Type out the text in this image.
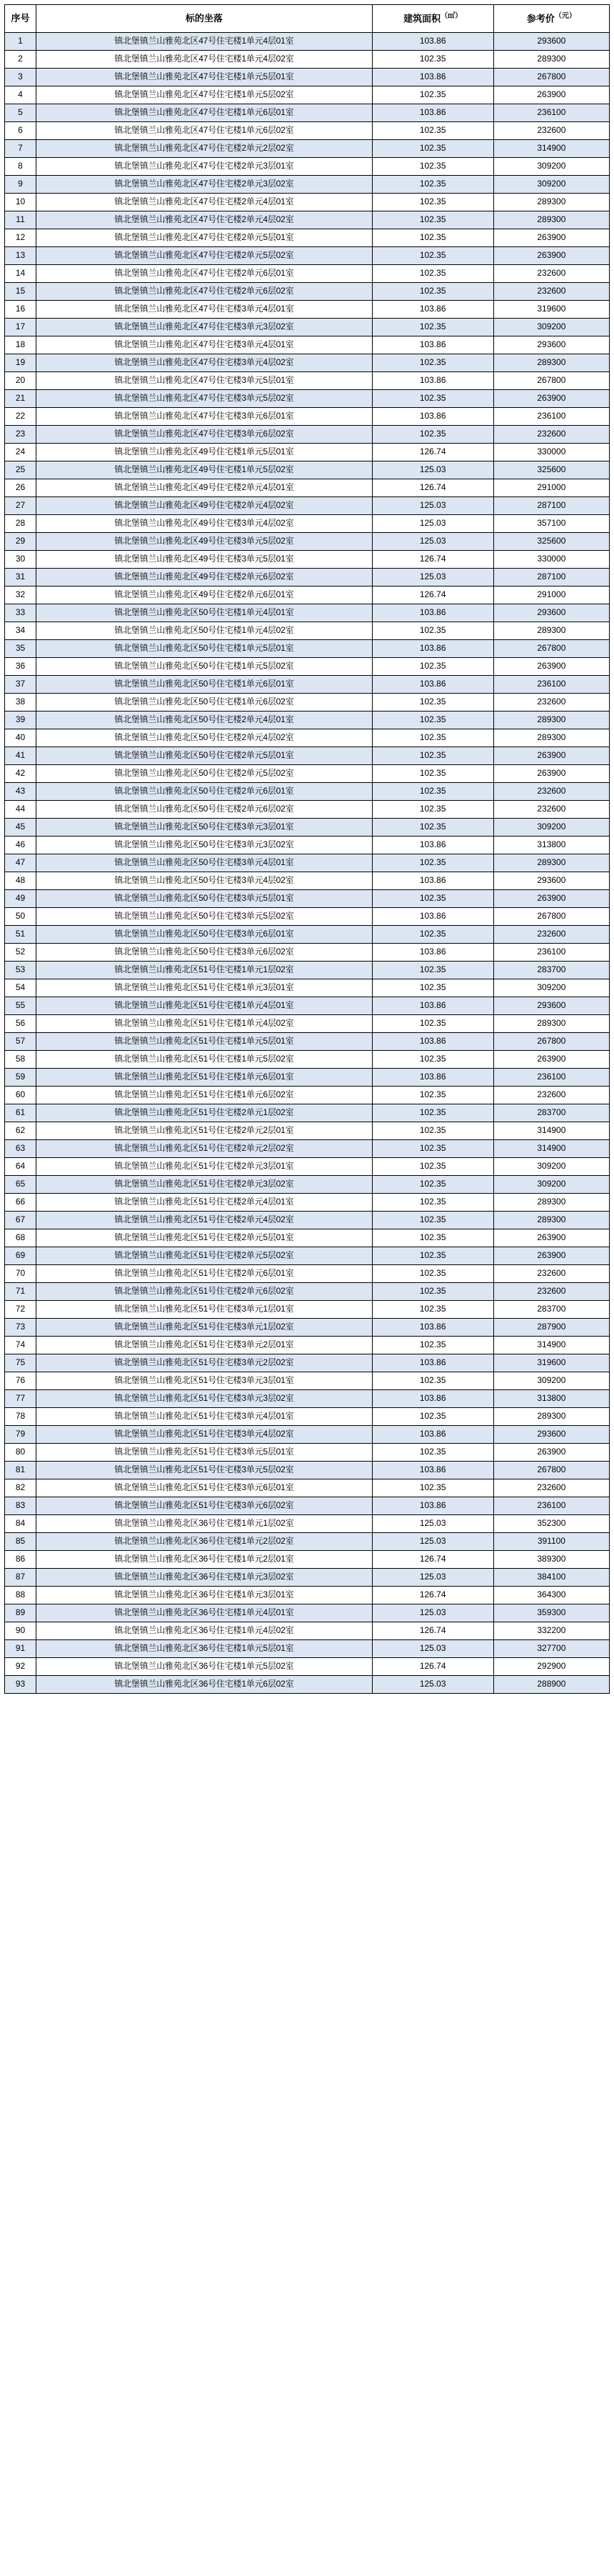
序号	标的坐落	建筑面积（㎡）	参考价$^{(元)}$
1	镇北堡镇兰山雅苑北区47号住宅楼1单元4层01室	103.86	293600
2	镇北堡镇兰山雅苑北区47号住宅楼1单元4层02室	102.35	289300
3	镇北堡镇兰山雅苑北区47号住宅楼1单元5层01室	103.86	267800
4	镇北堡镇兰山雅苑北区47号住宅楼1单元5层02室	102.35	263900
5	镇北堡镇兰山雅苑北区47号住宅楼1单元6层01室	103.86	236100
6	镇北堡镇兰山雅苑北区47号住宅楼1单元6层02室	102.35	232600
7	镇北堡镇兰山雅苑北区47号住宅楼2单元2层02室	102.35	314900
8	镇北堡镇兰山雅苑北区47号住宅楼2单元3层01室	102.35	309200
9	镇北堡镇兰山雅苑北区47号住宅楼2单元3层02室	102.35	309200
10	镇北堡镇兰山雅苑北区47号住宅楼2单元4层01室	102.35	289300
11	镇北堡镇兰山雅苑北区47号住宅楼2单元4层02室	102.35	289300
12	镇北堡镇兰山雅苑北区47号住宅楼2单元5层01室	102.35	263900
13	镇北堡镇兰山雅苑北区47号住宅楼2单元5层02室	102.35	263900
14	镇北堡镇兰山雅苑北区47号住宅楼2单元6层01室	102.35	232600
15	镇北堡镇兰山雅苑北区47号住宅楼2单元6层02室	102.35	232600
16	镇北堡镇兰山雅苑北区47号住宅楼3单元4层01室	103.86	319600
17	镇北堡镇兰山雅苑北区47号住宅楼3单元3层02室	102.35	309200
18	镇北堡镇兰山雅苑北区47号住宅楼3单元4层01室	103.86	293600
19	镇北堡镇兰山雅苑北区47号住宅楼3单元4层02室	102.35	289300
20	镇北堡镇兰山雅苑北区47号住宅楼3单元5层01室	103.86	267800
21	镇北堡镇兰山雅苑北区47号住宅楼3单元5层02室	102.35	263900
22	镇北堡镇兰山雅苑北区47号住宅楼3单元6层01室	103.86	236100
23	镇北堡镇兰山雅苑北区47号住宅楼3单元6层02室	102.35	232600
24	镇北堡镇兰山雅苑北区49号住宅楼1单元5层01室	126.74	330000
25	镇北堡镇兰山雅苑北区49号住宅楼1单元5层02室	125.03	325600
26	镇北堡镇兰山雅苑北区49号住宅楼2单元4层01室	126.74	291000
27	镇北堡镇兰山雅苑北区49号住宅楼2单元4层02室	125.03	287100
28	镇北堡镇兰山雅苑北区49号住宅楼3单元4层02室	125.03	357100
29	镇北堡镇兰山雅苑北区49号住宅楼3单元5层02室	125.03	325600
30	镇北堡镇兰山雅苑北区49号住宅楼3单元5层01室	126.74	330000
31	镇北堡镇兰山雅苑北区49号住宅楼2单元6层02室	125.03	287100
32	镇北堡镇兰山雅苑北区49号住宅楼2单元6层01室	126.74	291000
33	镇北堡镇兰山雅苑北区50号住宅楼1单元4层01室	103.86	293600
34	镇北堡镇兰山雅苑北区50号住宅楼1单元4层02室	102.35	289300
35	镇北堡镇兰山雅苑北区50号住宅楼1单元5层01室	103.86	267800
36	镇北堡镇兰山雅苑北区50号住宅楼1单元5层02室	102.35	263900
37	镇北堡镇兰山雅苑北区50号住宅楼1单元6层01室	103.86	236100
38	镇北堡镇兰山雅苑北区50号住宅楼1单元6层02室	102.35	232600
39	镇北堡镇兰山雅苑北区50号住宅楼2单元4层01室	102.35	289300
40	镇北堡镇兰山雅苑北区50号住宅楼2单元4层02室	102.35	289300
41	镇北堡镇兰山雅苑北区50号住宅楼2单元5层01室	102.35	263900
42	镇北堡镇兰山雅苑北区50号住宅楼2单元5层02室	102.35	263900
43	镇北堡镇兰山雅苑北区50号住宅楼2单元6层01室	102.35	232600
44	镇北堡镇兰山雅苑北区50号住宅楼2单元6层02室	102.35	232600
45	镇北堡镇兰山雅苑北区50号住宅楼3单元3层01室	102.35	309200
46	镇北堡镇兰山雅苑北区50号住宅楼3单元3层02室	103.86	313800
47	镇北堡镇兰山雅苑北区50号住宅楼3单元4层01室	102.35	289300
48	镇北堡镇兰山雅苑北区50号住宅楼3单元4层02室	103.86	293600
49	镇北堡镇兰山雅苑北区50号住宅楼3单元5层01室	102.35	263900
50	镇北堡镇兰山雅苑北区50号住宅楼3单元5层02室	103.86	267800
51	镇北堡镇兰山雅苑北区50号住宅楼3单元6层01室	102.35	232600
52	镇北堡镇兰山雅苑北区50号住宅楼3单元6层02室	103.86	236100
53	镇北堡镇兰山雅苑北区51号住宅楼1单元1层02室	102.35	283700
54	镇北堡镇兰山雅苑北区51号住宅楼1单元3层01室	102.35	309200
55	镇北堡镇兰山雅苑北区51号住宅楼1单元4层01室	103.86	293600
56	镇北堡镇兰山雅苑北区51号住宅楼1单元4层02室	102.35	289300
57	镇北堡镇兰山雅苑北区51号住宅楼1单元5层01室	103.86	267800
58	镇北堡镇兰山雅苑北区51号住宅楼1单元5层02室	102.35	263900
59	镇北堡镇兰山雅苑北区51号住宅楼1单元6层01室	103.86	236100
60	镇北堡镇兰山雅苑北区51号住宅楼1单元6层02室	102.35	232600
61	镇北堡镇兰山雅苑北区51号住宅楼2单元1层02室	102.35	283700
62	镇北堡镇兰山雅苑北区51号住宅楼2单元2层01室	102.35	314900
63	镇北堡镇兰山雅苑北区51号住宅楼2单元2层02室	102.35	314900
64	镇北堡镇兰山雅苑北区51号住宅楼2单元3层01室	102.35	309200
65	镇北堡镇兰山雅苑北区51号住宅楼2单元3层02室	102.35	309200
66	镇北堡镇兰山雅苑北区51号住宅楼2单元4层01室	102.35	289300
67	镇北堡镇兰山雅苑北区51号住宅楼2单元4层02室	102.35	289300
68	镇北堡镇兰山雅苑北区51号住宅楼2单元5层01室	102.35	263900
69	镇北堡镇兰山雅苑北区51号住宅楼2单元5层02室	102.35	263900
70	镇北堡镇兰山雅苑北区51号住宅楼2单元6层01室	102.35	232600
71	镇北堡镇兰山雅苑北区51号住宅楼2单元6层02室	102.35	232600
72	镇北堡镇兰山雅苑北区51号住宅楼3单元1层01室	102.35	283700
73	镇北堡镇兰山雅苑北区51号住宅楼3单元1层02室	103.86	287900
74	镇北堡镇兰山雅苑北区51号住宅楼3单元2层01室	102.35	314900
75	镇北堡镇兰山雅苑北区51号住宅楼3单元2层02室	103.86	319600
76	镇北堡镇兰山雅苑北区51号住宅楼3单元3层01室	102.35	309200
77	镇北堡镇兰山雅苑北区51号住宅楼3单元3层02室	103.86	313800
78	镇北堡镇兰山雅苑北区51号住宅楼3单元4层01室	102.35	289300
79	镇北堡镇兰山雅苑北区51号住宅楼3单元4层02室	103.86	293600
80	镇北堡镇兰山雅苑北区51号住宅楼3单元5层01室	102.35	263900
81	镇北堡镇兰山雅苑北区51号住宅楼3单元5层02室	103.86	267800
82	镇北堡镇兰山雅苑北区51号住宅楼3单元6层01室	102.35	232600
83	镇北堡镇兰山雅苑北区51号住宅楼3单元6层02室	103.86	236100
84	镇北堡镇兰山雅苑北区36号住宅楼1单元1层02室	125.03	352300
85	镇北堡镇兰山雅苑北区36号住宅楼1单元2层02室	125.03	391100
86	镇北堡镇兰山雅苑北区36号住宅楼1单元2层01室	126.74	389300
87	镇北堡镇兰山雅苑北区36号住宅楼1单元3层02室	125.03	384100
88	镇北堡镇兰山雅苑北区36号住宅楼1单元3层01室	126.74	364300
89	镇北堡镇兰山雅苑北区36号住宅楼1单元4层01室	125.03	359300
90	镇北堡镇兰山雅苑北区36号住宅楼1单元4层02室	126.74	332200
91	镇北堡镇兰山雅苑北区36号住宅楼1单元5层01室	125.03	327700
92	镇北堡镇兰山雅苑北区36号住宅楼1单元5层02室	126.74	292900
93	镇北堡镇兰山雅苑北区36号住宅楼1单元6层02室	125.03	288900
